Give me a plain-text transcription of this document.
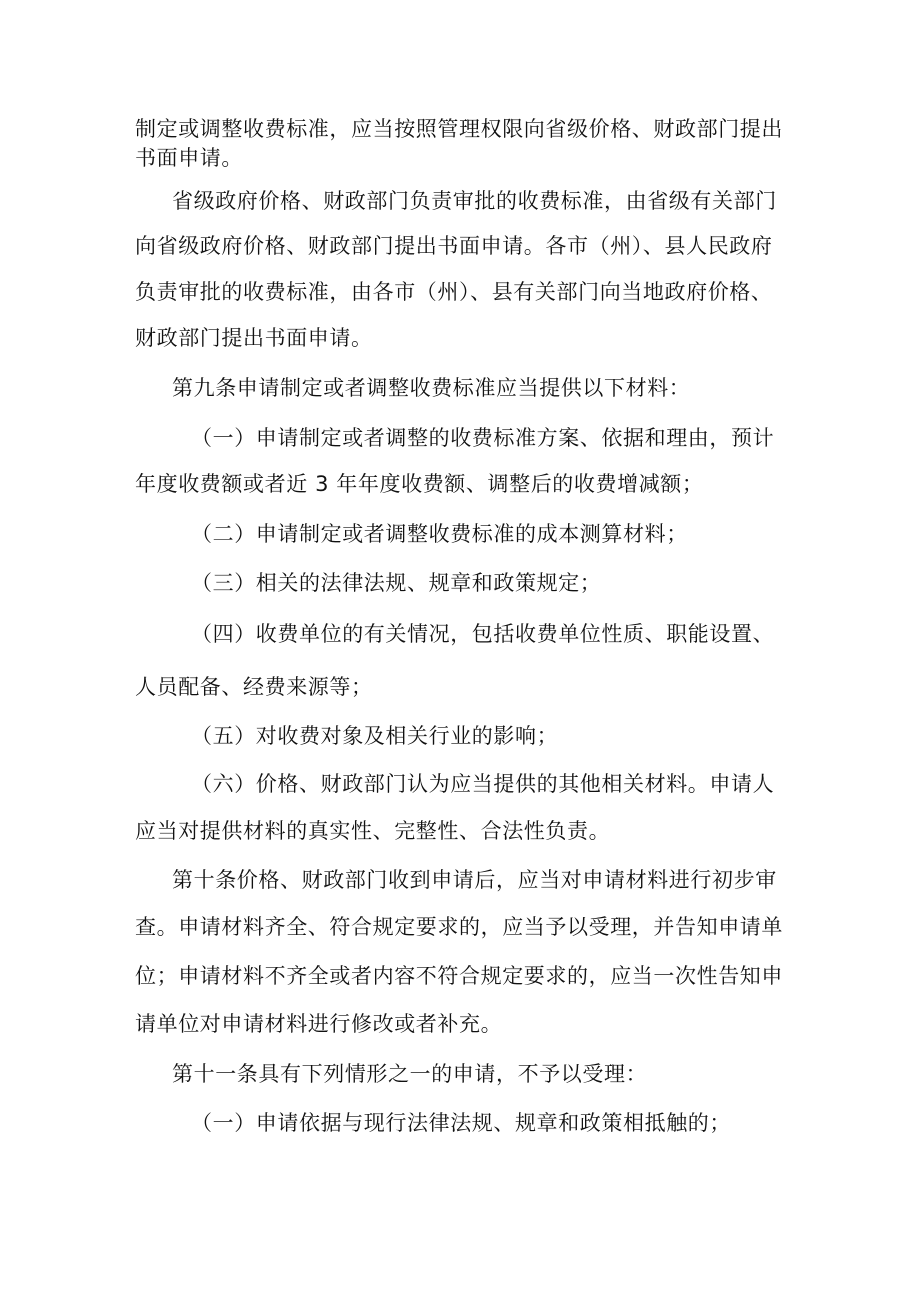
制定或调整收费标准，应当按照管理权限向省级价格、财政部门提出
书面申请。
省级政府价格、财政部门负责审批的收费标准，由省级有关部门
向省级政府价格、财政部门提出书面申请。各市（州）、县人民政府
负责审批的收费标准，由各市（州）、县有关部门向当地政府价格、
财政部门提出书面申请。
第九条申请制定或者调整收费标准应当提供以下材料：
（一）申请制定或者调整的收费标准方案、依据和理由，预计
年度收费额或者近 3 年年度收费额、调整后的收费增减额；
（二）申请制定或者调整收费标准的成本测算材料；
（三）相关的法律法规、规章和政策规定；
（四）收费单位的有关情况，包括收费单位性质、职能设置、
人员配备、经费来源等；
（五）对收费对象及相关行业的影响；
（六）价格、财政部门认为应当提供的其他相关材料。申请人
应当对提供材料的真实性、完整性、合法性负责。
第十条价格、财政部门收到申请后，应当对申请材料进行初步审
查。申请材料齐全、符合规定要求的，应当予以受理，并告知申请单
位；申请材料不齐全或者内容不符合规定要求的，应当一次性告知申
请单位对申请材料进行修改或者补充。
第十一条具有下列情形之一的申请，不予以受理：
（一）申请依据与现行法律法规、规章和政策相抵触的；
